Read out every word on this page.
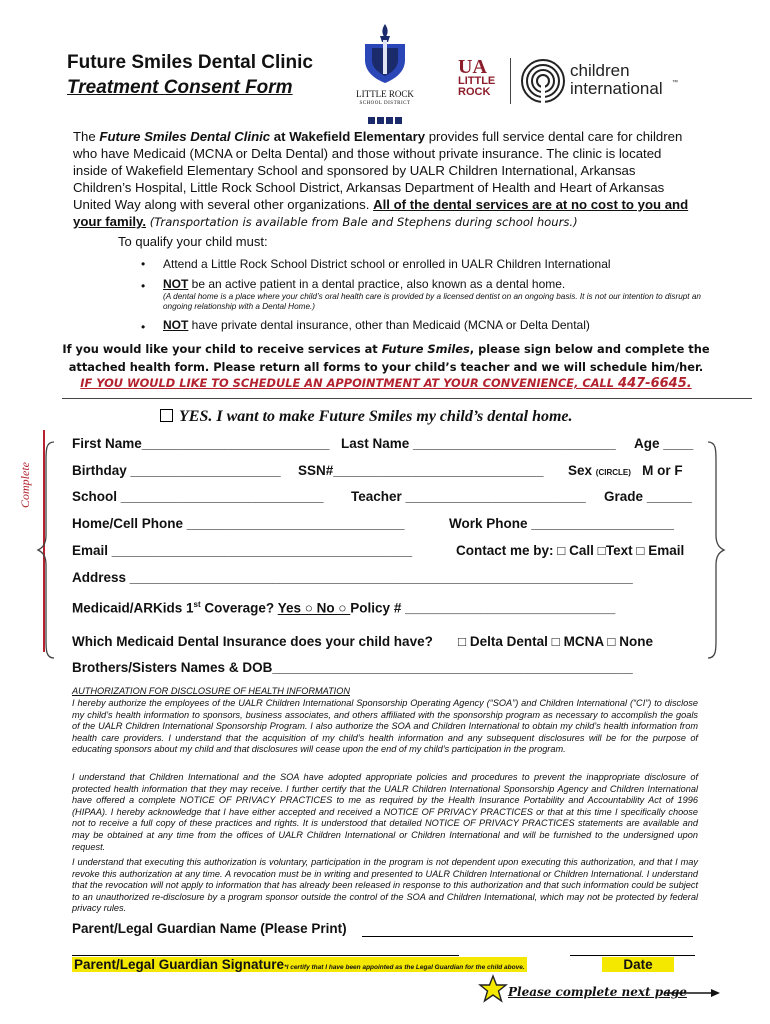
Future Smiles Dental Clinic
Treatment Consent Form	LITTLE ROCK
SCHOOL DISTRICT
UA
LITTLE
ROCK
children
international ™
The Future Smiles Dental Clinic at Wakefield Elementary provides full service dental care for children who have Medicaid (MCNA or Delta Dental) and those without private insurance. The clinic is located inside of Wakefield Elementary School and sponsored by UALR Children International, Arkansas Children’s Hospital, Little Rock School District, Arkansas Department of Health and Heart of Arkansas United Way along with several other organizations. All of the dental services are at no cost to you and your family. (Transportation is available from Bale and Stephens during school hours.)
To qualify your child must:
• Attend a Little Rock School District school or enrolled in UALR Children International
• NOT be an active patient in a dental practice, also known as a dental home.
(A dental home is a place where your child’s oral health care is provided by a licensed dentist on an ongoing basis. It is not our intention to disrupt an ongoing relationship with a Dental Home.)
• NOT have private dental insurance, other than Medicaid (MCNA or Delta Dental)
If you would like your child to receive services at Future Smiles, please sign below and complete the
attached health form. Please return all forms to your child’s teacher and we will schedule him/her.
IF YOU WOULD LIKE TO SCHEDULE AN APPOINTMENT AT YOUR CONVENIENCE, CALL 447-6645.
YES. I want to make Future Smiles my child’s dental home.
Complete
First Name_________________________ Last Name ___________________________ Age ____
Birthday ____________________ SSN#____________________________ Sex (CIRCLE) M or F
School ___________________________ Teacher ________________________ Grade ______
Home/Cell Phone _____________________________	Work Phone ___________________
Email ________________________________________	Contact me by: □ Call □Text □ Email
Address ___________________________________________________________________
Medicaid/ARKids 1st Coverage? Yes ○ No ○ Policy # ____________________________
Which Medicaid Dental Insurance does your child have? □ Delta Dental □ MCNA □ None
Brothers/Sisters Names & DOB________________________________________________
AUTHORIZATION FOR DISCLOSURE OF HEALTH INFORMATION
I hereby authorize the employees of the UALR Children International Sponsorship Operating Agency (“SOA”) and Children International (“CI”) to disclose my child’s health information to sponsors, business associates, and others affiliated with the sponsorship program as necessary to accomplish the goals of the UALR Children International Sponsorship Program. I also authorize the SOA and Children International to obtain my child’s health information from health care providers. I understand that the acquisition of my child’s health information and any subsequent disclosures will be for the purpose of educating sponsors about my child and that disclosures will cease upon the end of my child’s participation in the program.
I understand that Children International and the SOA have adopted appropriate policies and procedures to prevent the inappropriate disclosure of protected health information that they may receive. I further certify that the UALR Children International Sponsorship Agency and Children International have offered a complete NOTICE OF PRIVACY PRACTICES to me as required by the Health Insurance Portability and Accountability Act of 1996 (HIPAA). I hereby acknowledge that I have either accepted and received a NOTICE OF PRIVACY PRACTICES or that at this time I specifically choose not to receive a full copy of these practices and rights. It is understood that detailed NOTICE OF PRIVACY PRACTICES statements are available and may be obtained at any time from the offices of UALR Children International or Children International and will be furnished to the undersigned upon request.
I understand that executing this authorization is voluntary, participation in the program is not dependent upon executing this authorization, and that I may revoke this authorization at any time. A revocation must be in writing and presented to UALR Children International or Children International. I understand that the revocation will not apply to information that has already been released in response to this authorization and that such information could be subject to an unauthorized re-disclosure by a program sponsor outside the control of the SOA and Children International, which may not be protected by federal privacy rules.
Parent/Legal Guardian Name (Please Print)
Parent/Legal Guardian Signature*I certify that I have been appointed as the Legal Guardian for the child above.	Date
Please complete next page
